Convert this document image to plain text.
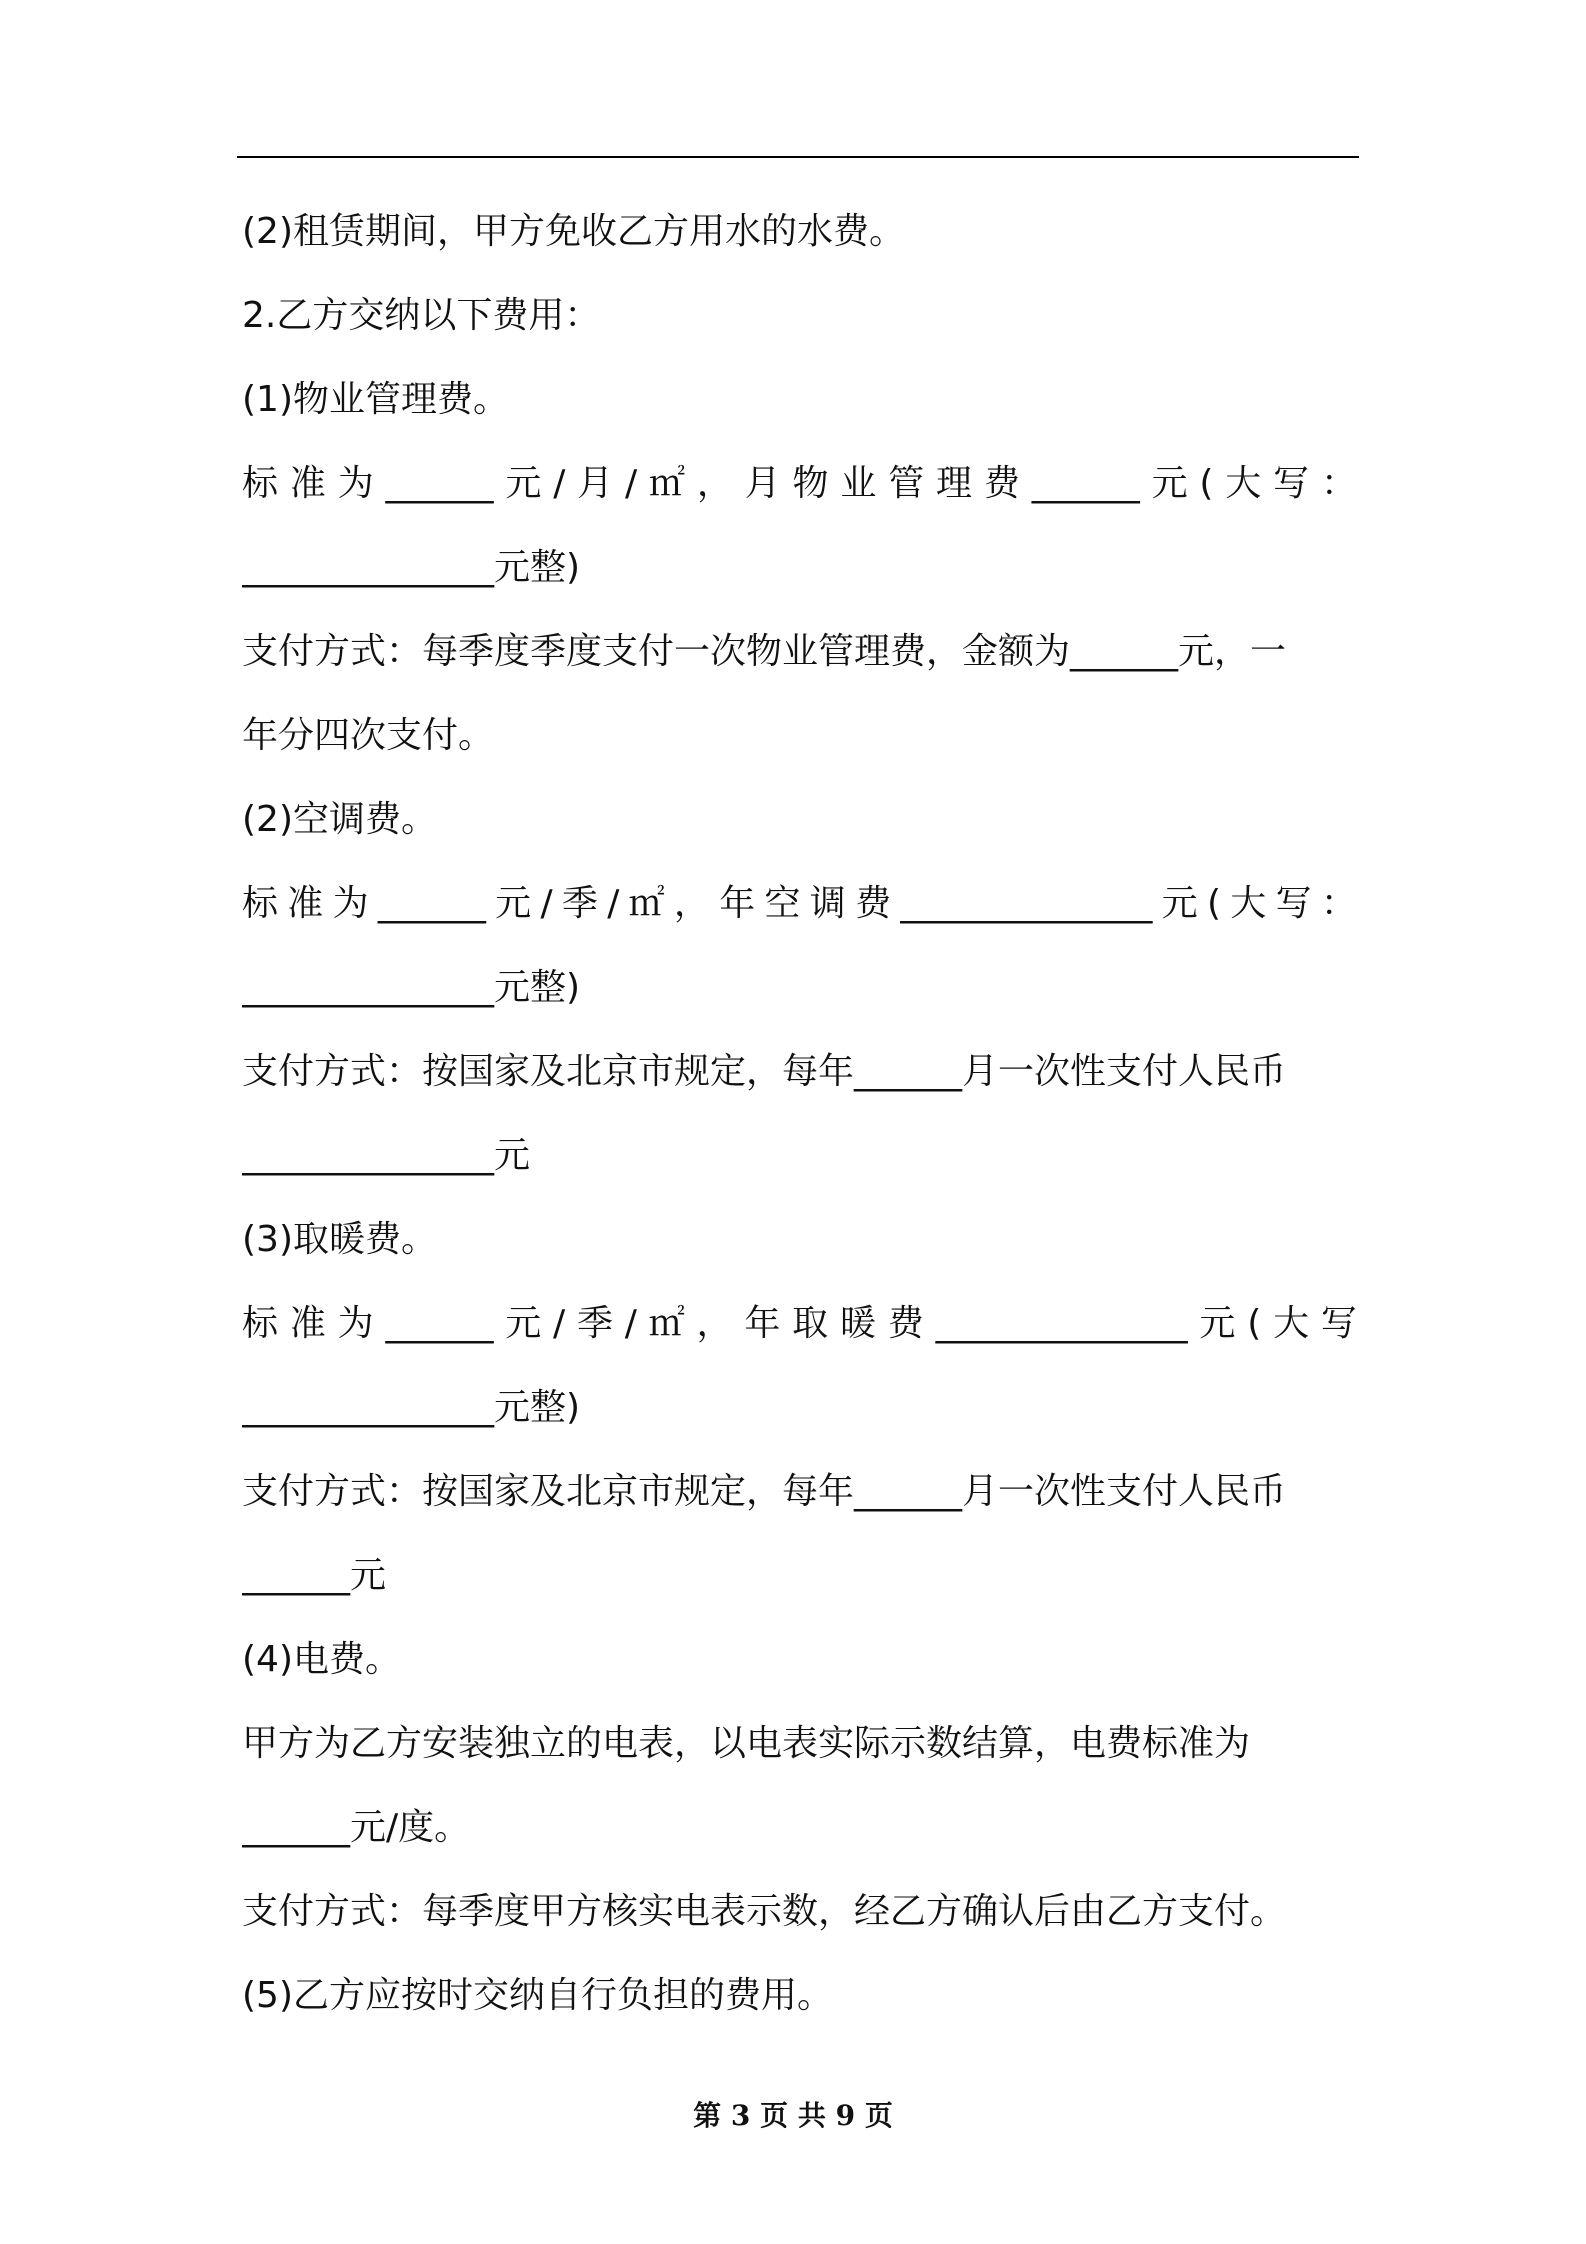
(2)租赁期间，甲方免收乙方用水的水费。
2.乙方交纳以下费用：
(1)物业管理费。
标 准 为 ______ 元 / 月 / ㎡ ， 月 物 业 管 理 费 ______ 元 ( 大 写 ：
______________元整)
支付方式：每季度季度支付一次物业管理费，金额为______元，一
年分四次支付。
(2)空调费。
标 准 为 ______ 元 / 季 / ㎡ ， 年 空 调 费 ______________ 元 ( 大 写 ：
______________元整)
支付方式：按国家及北京市规定，每年______月一次性支付人民币
______________元
(3)取暖费。
标 准 为 ______ 元 / 季 / ㎡ ， 年 取 暖 费 ______________ 元 ( 大 写
______________元整)
支付方式：按国家及北京市规定，每年______月一次性支付人民币
______元
(4)电费。
甲方为乙方安装独立的电表，以电表实际示数结算，电费标准为
______元/度。
支付方式：每季度甲方核实电表示数，经乙方确认后由乙方支付。
(5)乙方应按时交纳自行负担的费用。
第 3 页 共 9 页
